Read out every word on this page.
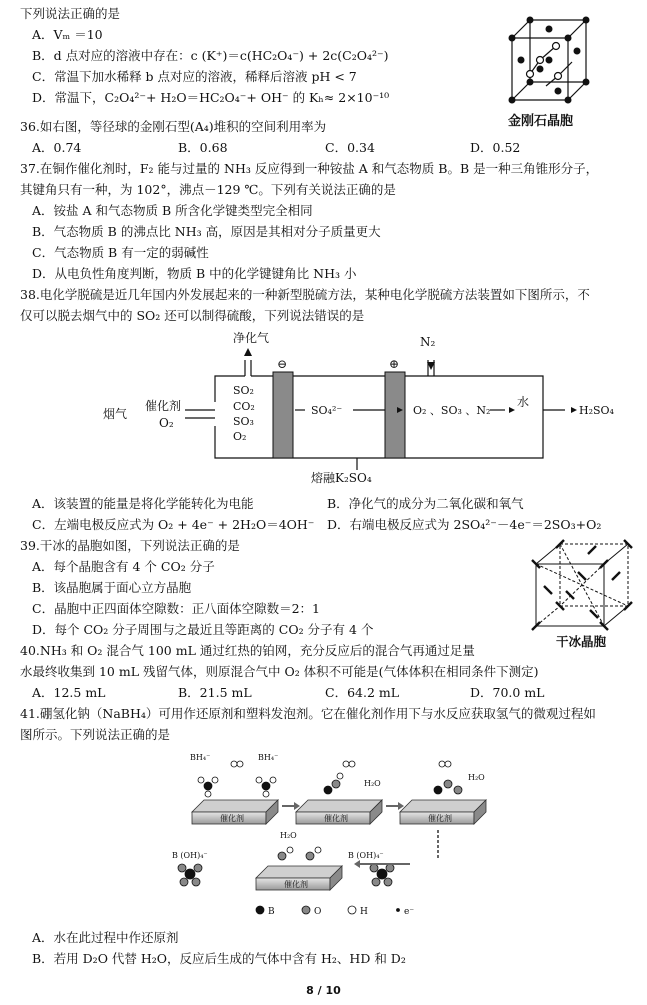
下列说法正确的是
A．Vₘ ＝10
B．d 点对应的溶液中存在：c (K⁺)＝c(HC₂O₄⁻) + 2c(C₂O₄²⁻)
C．常温下加水稀释 b 点对应的溶液，稀释后溶液 pH < 7
D．常温下，C₂O₄²⁻+ H₂O＝HC₂O₄⁻+ OH⁻ 的 Kₕ≈ 2×10⁻¹⁰
金刚石晶胞
36.如右图，等径球的金刚石型(A₄)堆积的空间利用率为
A．0.74	B．0.68	C．0.34	D．0.52
37.在铜作催化剂时，F₂ 能与过量的 NH₃ 反应得到一种铵盐 A 和气态物质 B。B 是一种三角锥形分子，
其键角只有一种，为 102°，沸点－129 ℃。下列有关说法正确的是
A．铵盐 A 和气态物质 B 所含化学键类型完全相同
B．气态物质 B 的沸点比 NH₃ 高，原因是其相对分子质量更大
C．气态物质 B 有一定的弱碱性
D．从电负性角度判断，物质 B 中的化学键键角比 NH₃ 小
38.电化学脱硫是近几年国内外发展起来的一种新型脱硫方法，某种电化学脱硫方法装置如下图所示，不
仅可以脱去烟气中的 SO₂ 还可以制得硫酸，下列说法错误的是
净化气	N₂
⊖	⊕
烟气
催化剂
O₂
SO₂
CO₂
SO₃
O₂
SO₄²⁻	O₂ 、SO₃ 、N₂
水
H₂SO₄
熔融K₂SO₄
A．该装置的能量是将化学能转化为电能	B．净化气的成分为二氧化碳和氧气
C．左端电极反应式为 O₂ + 4e⁻ + 2H₂O＝4OH⁻ D．右端电极反应式为 2SO₄²⁻－4e⁻＝2SO₃+O₂
39.干冰的晶胞如图，下列说法正确的是
A．每个晶胞含有 4 个 CO₂ 分子
B．该晶胞属于面心立方晶胞
C．晶胞中正四面体空隙数：正八面体空隙数＝2：1
D．每个 CO₂ 分子周围与之最近且等距离的 CO₂ 分子有 4 个
干冰晶胞
40.NH₃ 和 O₂ 混合气 100 mL 通过红热的铂网，充分反应后的混合气再通过足量
水最终收集到 10 mL 残留气体，则原混合气中 O₂ 体积不可能是(气体体积在相同条件下测定)
A．12.5 mL	B．21.5 mL	C．64.2 mL	D．70.0 mL
41.硼氢化钠（NaBH₄）可用作还原剂和塑料发泡剂。它在催化剂作用下与水反应获取氢气的微观过程如
图所示。下列说法正确的是
催化剂	催化剂	催化剂
催化剂
BH₄⁻	BH₄⁻
H₂O
H₂O
H₂O
B (OH)₄⁻	B (OH)₄⁻
B	O	H	e⁻
A．水在此过程中作还原剂
B．若用 D₂O 代替 H₂O，反应后生成的气体中含有 H₂、HD 和 D₂
8 / 10
